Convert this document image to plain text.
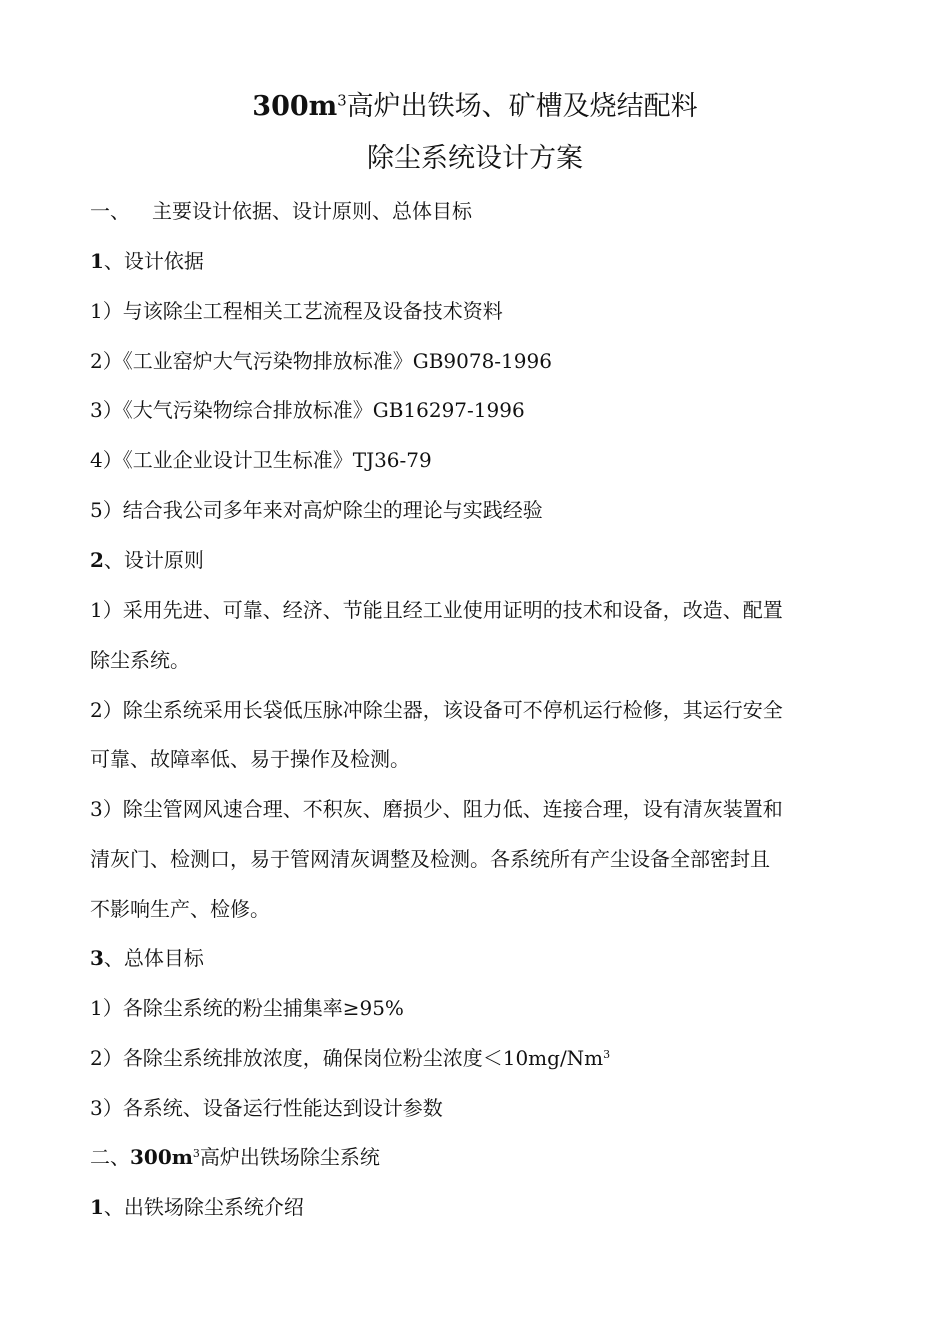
$300m^3$高炉出铁场、矿槽及烧结配料
除尘系统设计方案
一、 主要设计依据、设计原则、总体目标
1、设计依据
1）与该除尘工程相关工艺流程及设备技术资料
2）《工业窑炉大气污染物排放标准》GB9078-1996
3）《大气污染物综合排放标准》GB16297-1996
4）《工业企业设计卫生标准》TJ36-79
5）结合我公司多年来对高炉除尘的理论与实践经验
2、设计原则
1）采用先进、可靠、经济、节能且经工业使用证明的技术和设备，改造、配置
除尘系统。
2）除尘系统采用长袋低压脉冲除尘器，该设备可不停机运行检修，其运行安全
可靠、故障率低、易于操作及检测。
3）除尘管网风速合理、不积灰、磨损少、阻力低、连接合理，设有清灰装置和
清灰门、检测口，易于管网清灰调整及检测。各系统所有产尘设备全部密封且
不影响生产、检修。
3、总体目标
1）各除尘系统的粉尘捕集率≥95%
2）各除尘系统排放浓度，确保岗位粉尘浓度$<10mg/Nm^3$
3）各系统、设备运行性能达到设计参数
二、$300m^3$高炉出铁场除尘系统
1、出铁场除尘系统介绍
